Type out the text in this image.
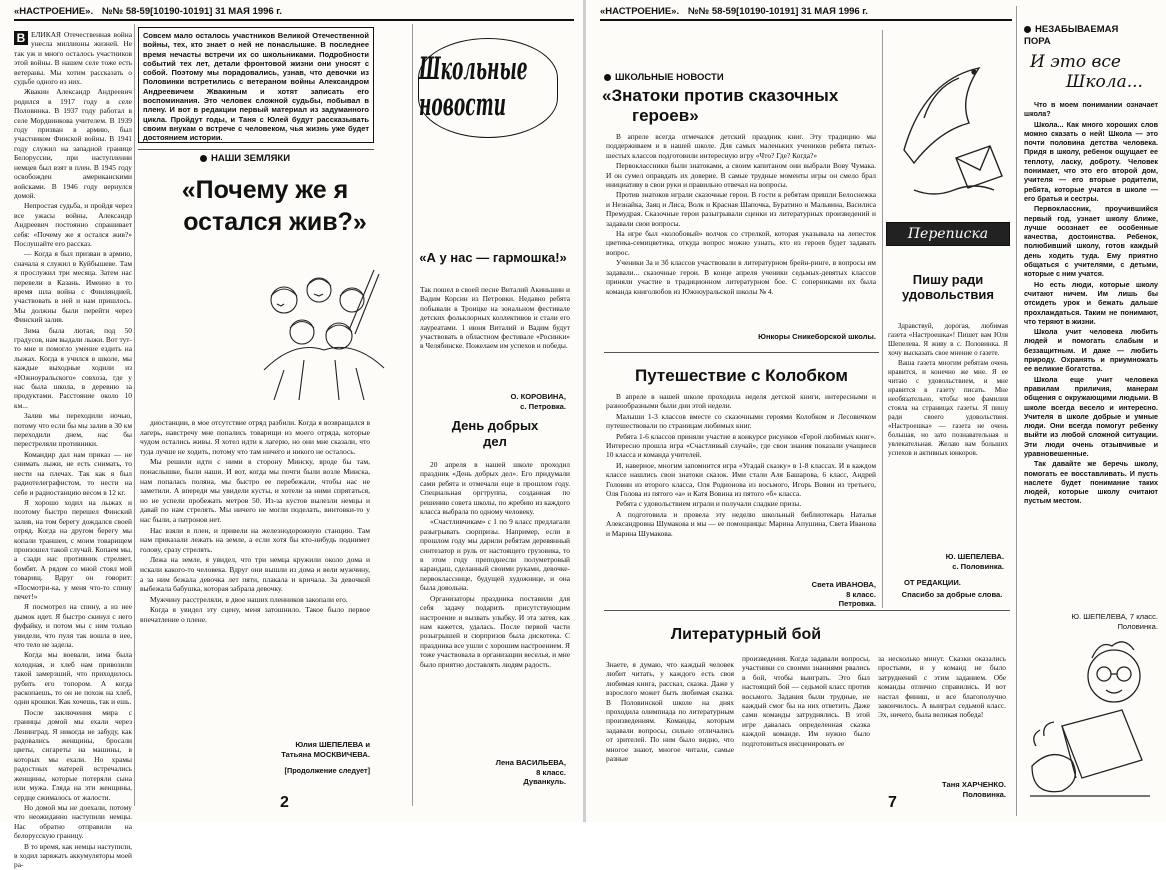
«НАСТРОЕНИЕ». №№ 58-59[10190-10191] 31 МАЯ 1996 г.
В ЕЛИКАЯ Отечественная война унесла миллионы жизней. Не так уж и много осталось участников этой войны. В нашем селе тоже есть ветераны. Мы хотим рассказать о судьбе одного из них.

Жвакин Александр Андреевич родился в 1917 году в селе Половинка. В 1937 году работал в селе Мордвинкова учителем. В 1939 году призван в армию, был участником Финской войны. В 1941 году служил на западной границе Белоруссии, при наступлении немцев был взят в плен. В 1945 году освобожден американскими войсками. В 1946 году вернулся домой.

Непростая судьба, и пройдя через все ужасы войны, Александр Андреевич постоянно спрашивает себя: «Почему же я остался жив?» Послушайте его рассказ.

— Когда я был призван в армию, сначала я служил в Куйбышеве. Там я прослужил три месяца. Затем нас перевели в Казань. Именно в то время шла война с Финляндией, участвовать в ней и нам пришлось. Мы должны были перейти через Финский залив.

Зима была лютая, под 50 градусов, нам выдали лыжи. Вот тут-то мне и помогло умение ездить на лыжах. Когда я учился в школе, мы каждые выходные ходили из «Южноуральского» совхоза, где у нас была школа, в деревню за продуктами. Расстояние около 10 км...

Залив мы переходили ночью, потому что если бы мы залив в 30 км переходили днем, нас бы перестреляли противники.

Командир дал нам приказ — не снимать лыжи, не есть снимать, то нести на плечах. Так как я был радиотелеграфистом, то нести на себе и радиостанцию весом в 12 кг.

Я хорошо ходил на лыжах и поэтому быстро перешел Финский залив, на том берегу дождался своей отряд. Когда на другом берегу мы копали траншеи, с моим товарищем произошел такой случай. Копаем мы, а сзади нас противник стреляет, бомбят. А рядом со мной стоял мой товарищ. Вдруг он говорит: «Посмотри-ка, у меня что-то спину печет!»

Я посмотрел на спину, а из нее дымок идет. Я быстро скинул с него фуфайку, и потом мы с ним только увидели, что пуля так вошла в нее, что тело не задела.

Когда мы воевали, зима была холодная, и хлеб нам привозили такой замерзший, что приходилось рубить его топором. А когда раскопаешь, то он не похож на хлеб, одни крошки. Как хочешь, так и ешь.

После заключения мира с границы домой мы ехали через Ленинград. Я никогда не забуду, как радовались женщины, бросали цветы, сигареты на машины, в которых мы ехали. Но храмы радостных матерей встречались женщины, которые потеряли сына или мужа. Гляда на эти женщины, сердце сжималось от жалости.

Но домой мы не доехали, потому что неожиданно наступили немцы. Нас обратно отправили на белорусскую границу.

В то время, как немцы наступили, в ходил заряжать аккумуляторы моей ра-

Совсем мало осталось участников Великой Отечественной войны, тех, кто знает о ней не понаслышке. В последнее время нечасты встречи их со школьниками. Подробности событий тех лет, детали фронтовой жизни они уносят с собой. Поэтому мы порадовались, узнав, что девочки из Половинки встретились с ветераном войны Александром Андреевичем Жвакиным и хотят записать его воспоминания. Это человек сложной судьбы, побывал в плену. И вот в редакции первый материал из задуманного цикла. Пройдут годы, и Таня с Юлей будут рассказывать своим внукам о встрече с человеком, чья жизнь уже будет достоянием истории.
НАШИ ЗЕМЛЯКИ
«Почему же я
остался жив?»

диостанции, в мое отсутствие отряд разбили. Когда я возвращался в лагерь, навстречу мне попались товарищи из моего отряда, которые чудом остались живы. Я хотел идти к лагерю, но они мне сказали, что туда лучше не ходить, потому что там ничего и никого не осталось.

Мы решили идти с ними в сторону Минску, вроде бы там, понаслышке, были наши. И вот, когда мы почти были возле Минска, нам попалась поляна, мы быстро ее перебежали, чтобы нас не заметили. А впереди мы увидели кусты, и хотели за ними спрятаться, но не успели пробежать метров 50. Из-за кустов вылезли немцы и давай по нам стрелять. Мы ничего не могли поделать, винтовки-то у нас были, а патронов нет.

Нас взяли в плен, и привели на железнодорожную станцию. Там нам приказали лежать на земле, а если хотя бы кто-нибудь поднимет голову, сразу стрелять.

Лежа на земле, я увидел, что три немца кружили около дома и искали какого-то человека. Вдруг они вышли из дома и вели мужчину, а за ним бежала девочка лет пяти, плакала и кричала. За девочкой выбежала бабушка, которая забрала девочку.

Мужчину расстреляли, в двое наших пленников закопали его.

Когда я увидел эту сцену, меня затошнило. Такое было первое впечатление о плене.

Юлия ШЕПЕЛЕВА и
Татьяна МОСКВИЧЕВА.
[Продолжение следует]
Школьные новости
«А у нас — гармошка!»
Так пошел в своей песне Виталий Акиньшин и Вадим Корсин из Петровки. Недавно ребята побывали в Троицке на зональном фестивале детских фольклорных коллективов и стали его лауреатами. 1 июня Виталий и Вадим будут участвовать в областном фестивале «Росинки» в Челябинске. Пожелаем им успехов и победы.
О. КОРОВИНА,
с. Петровка.
День добрых дел

20 апреля в нашей школе проходил праздник «День добрых дел». Его придумали сами ребята и отмечали еще в прошлом году. Специальная оргтруппа, созданная по решению совета школы, по жребию из каждого класса выбрала по одному человеку.

«Счастливчикам» с 1 по 9 класс предлагали разыгрывать сюрпризы. Например, если в прошлом году мы дарили ребятам деревянный синтезатор и руль от настоящего грузовика, то в этом году преподнесли полуметровый карандаш, сделанный своими руками, девочке-первокласснице, будущей художнице, и она была довольна.

Организаторы праздника поставили для себя задачу подарить присутствующим настроение и вызвать улыбку. И эта затея, как нам кажется, удалась. После первой части розыгрышей и сюрпризов была дискотека. С праздника все ушли с хорошим настроением. Я тоже участвовала в организации веселья, и мне было приятно доставлять людям радость.

Лена ВАСИЛЬЕВА,
8 класс.
Дуванкуль.
2
«НАСТРОЕНИЕ». №№ 58-59[10190-10191] 31 МАЯ 1996 г.
ШКОЛЬНЫЕ НОВОСТИ
«Знатоки против сказочных
героев»

В апреле всегда отмечался детский праздник книг. Эту традицию мы поддерживаем и в нашей школе. Для самых маленьких учеников ребята пятых-шестых классов подготовили интересную игру «Что? Где? Когда?»

Первоклассники были знатоками, а своим капитаном они выбрали Вову Чумака. И он сумел оправдать их доверие. В самые трудные моменты игры он смело брал инициативу в свои руки и правильно отвечал на вопросы.

Против знатоков играли сказочные герои. В гости к ребятам пришли Белоснежка и Незнайка, Заяц и Лиса, Волк и Красная Шапочка, Буратино и Мальвина, Василиса Премудрая. Сказочные герои разыгрывали сценки из литературных произведений и задавали свои вопросы.

На игре был «колобовый» волчок со стрелкой, которая указывала на лепесток цветика-семицветика, откуда вопрос можно узнать, кто из героев будет задавать вопрос.

Ученики 3а и 3б классов участвовали в литературном брейн-ринге, в вопросы им задавали... сказочные герои. В конце апреля ученики седьмых-девятых классов приняли участие в традиционном литературном бое. С соперниками их была команда книголюбов из Южноуральской школы № 4.

Юнкоры Сникеборской школы.
Переписка
Пишу ради удовольствия

Здравствуй, дорогая, любимая газета «Настроешка»! Пишет вам Юля Шепелева. Я живу в с. Половинка. Я хочу высказать свое мнение о газете.

Ваша газета многим ребятам очень нравится, и конечно же мне. Я ее читаю с удовольствием, и мне нравится в газету писать. Мне необязательно, чтобы мое фамилия стояла на страницах газеты. Я пишу ради своего удовольствия. «Настроешка» — газета не очень большая, но зато познавательная и увлекательная. Желаю вам больших успехов и активных юнкоров.

Ю. ШЕПЕЛЕВА.
с. Половинка.
ОТ РЕДАКЦИИ.
Спасибо за добрые слова.
Путешествие с Колобком

В апреле в нашей школе проходила неделя детской книги, интересными и разнообразными были дни этой недели.

Малыши 1-3 классов вместе со сказочными героями Колобком и Лесовичком путешествовали по страницам любимых книг.

Ребята 1-6 классов приняли участие в конкурсе рисунков «Герой любимых книг». Интересно прошла игра «Счастливый случай», где свои знания показали учащиеся 10 класса и команда учителей.

И, наверное, многим запомнится игра «Угадай сказку» в 1-8 классах. И в каждом классе нашлись свои знатоки сказок. Ими стали Аля Башарова, 6 класс, Андрей Головин из второго класса, Оля Родионова из восьмого, Игорь Вовин из третьего, Оля Голова из пятого «а» и Катя Вовина из пятого «б» класса.

Ребята с удовольствием играли и получали сладкие призы.

А подготовила и провела эту неделю школьный библиотекарь Наталья Александровна Шумакова и мы — ее помощницы: Марина Апушина, Света Иванова и Марина Шумакова.

Света ИВАНОВА,
8 класс.
Петровка.
Литературный бой
Знаете, я думаю, что каждый человек любит читать, у каждого есть своя любимая книга, рассказ, сказка. Даже у взрослого может быть любимая сказка. В Половинской школе на днях проходила олимпиада по литературным произведениям. Команды, которым задавали вопросы, сильно отличались от зрителей. По ним было видно, что многое знают, многое читали, самые разные
произведения. Когда задавали вопросы, участники со своими знаниями рвались в бой, чтобы выиграть. Это был настоящий бой — седьмой класс против восьмого. Задания были трудные, не каждый смог бы на них ответить. Даже сами команды затруднялись. В этой игре давалась определенная сказка каждой команде. Им нужно было подготовиться инсценировать ее
за несколько минут. Сказки оказались простыми, и у команд не было затруднений с этим заданием. Обе команды отлично справились. И вот настал финиш, и все благополучно закончилось. А выиграл седьмой класс. Эх, ничего, была великая победа!
Таня ХАРЧЕНКО.
Половинка.
НЕЗАБЫВАЕМАЯ
ПОРА
И это все
Школа...

Что в моем понимании означает школа?

Школа... Как много хороших слов можно сказать о ней! Школа — это почти половина детства человека. Придя в школу, ребенок ощущает ее теплоту, ласку, доброту. Человек понимает, что это его второй дом, учителя — его вторые родители, ребята, которые учатся в школе — его братья и сестры.

Первоклассник, проучившийся первый год, узнает школу ближе, лучше осознает ее особенные качества, достоинства. Ребенок, полюбивший школу, готов каждый день ходить туда. Ему приятно общаться с учителями, с детьми, которые с ним учатся.

Но есть люди, которые школу считают ничем. Им лишь бы отсидеть урок и бежать дальше прохлаждаться. Таким не понимают, что теряют в жизни.

Школа учит человека любить людей и помогать слабым и беззащитным. И даже — любить природу. Охранять и приумножать ее великие богатства.

Школа еще учит человека правилам приличия, манерам общения с окружающими людьми. В школе всегда весело и интересно. Учителя в школе добрые и умные люди. Они всегда помогут ребенку выйти из любой сложной ситуации. Эти люди очень отзывчивые и уравновешенные.

Так давайте же беречь школу, помогать ее восставливать. И пусть наслете будет понимание таких людей, которые школу считают пустым местом.

Ю. ШЕПЕЛЕВА, 7 класс.
Половинка.
7
